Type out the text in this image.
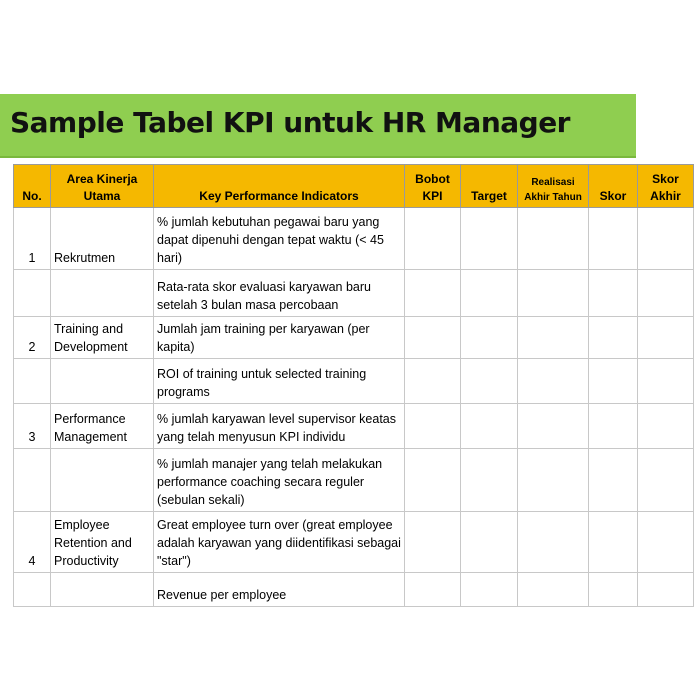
Sample Tabel KPI untuk HR Manager
No.	Area Kinerja Utama	Key Performance Indicators	Bobot KPI	Target	Realisasi Akhir Tahun	Skor	Skor Akhir
1	Rekrutmen	% jumlah kebutuhan pegawai baru yang dapat dipenuhi dengan tepat waktu (< 45 hari)					
		Rata-rata skor evaluasi karyawan baru setelah 3 bulan masa percobaan					
2	Training and Development	Jumlah jam training per karyawan (per kapita)					
		ROI of training untuk selected training programs					
3	Performance Management	% jumlah karyawan level supervisor keatas yang telah menyusun KPI individu					
		% jumlah manajer yang telah melakukan performance coaching secara reguler (sebulan sekali)					
4	Employee Retention and Productivity	Great employee turn over (great employee adalah karyawan yang diidentifikasi sebagai "star")					
		Revenue per employee					
